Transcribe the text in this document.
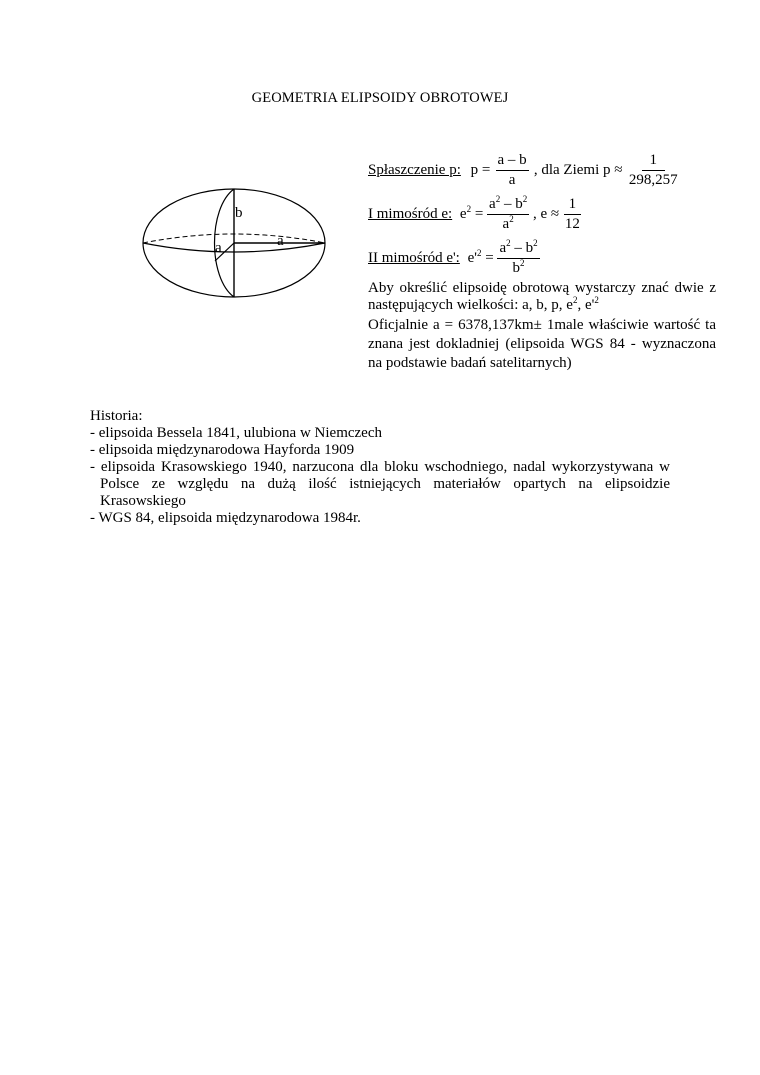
GEOMETRIA ELIPSOIDY OBROTOWEJ
b
a	a
Spłaszczenie p: $p = \frac{a - b}{a}$ , dla Ziemi $p \approx \frac{1}{298,257}$
I mimośród e: $e^2 = \frac{a^2 - b^2}{a^2}$ , $e \approx \frac{1}{12}$
II mimośród e': $e'^2 = \frac{a^2 - b^2}{b^2}$
Aby określić elipsoidę obrotową wystarczy znać dwie z następujących wielkości: a, b, p, $e^2$, $e'^2$
Oficjalnie a = 6378,137km± 1male właściwie wartość ta znana jest dokladniej (elipsoida WGS 84 - wyznaczona na podstawie badań satelitarnych)
Historia:
- elipsoida Bessela 1841, ulubiona w Niemczech
- elipsoida międzynarodowa Hayforda 1909
- elipsoida Krasowskiego 1940, narzucona dla bloku wschodniego, nadal wykorzystywana w Polsce ze względu na dużą ilość istniejących materiałów opartych na elipsoidzie Krasowskiego
- WGS 84, elipsoida międzynarodowa 1984r.
